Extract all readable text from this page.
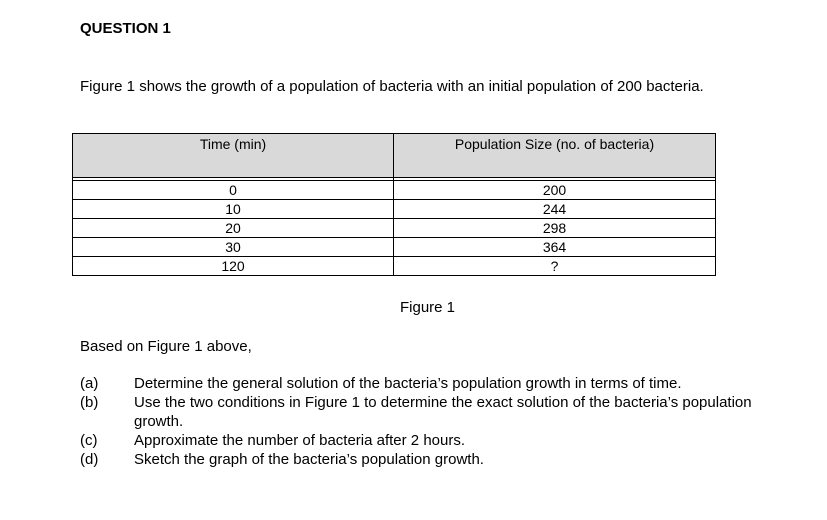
QUESTION 1
Figure 1 shows the growth of a population of bacteria with an initial population of 200 bacteria.
Time (min)	Population Size (no. of bacteria)

0	200
10	244
20	298
30	364
120	?
Figure 1
Based on Figure 1 above,
(a)	Determine the general solution of the bacteria’s population growth in terms of time.
(b)	Use the two conditions in Figure 1 to determine the exact solution of the bacteria’s population growth.
(c)	Approximate the number of bacteria after 2 hours.
(d)	Sketch the graph of the bacteria’s population growth.
